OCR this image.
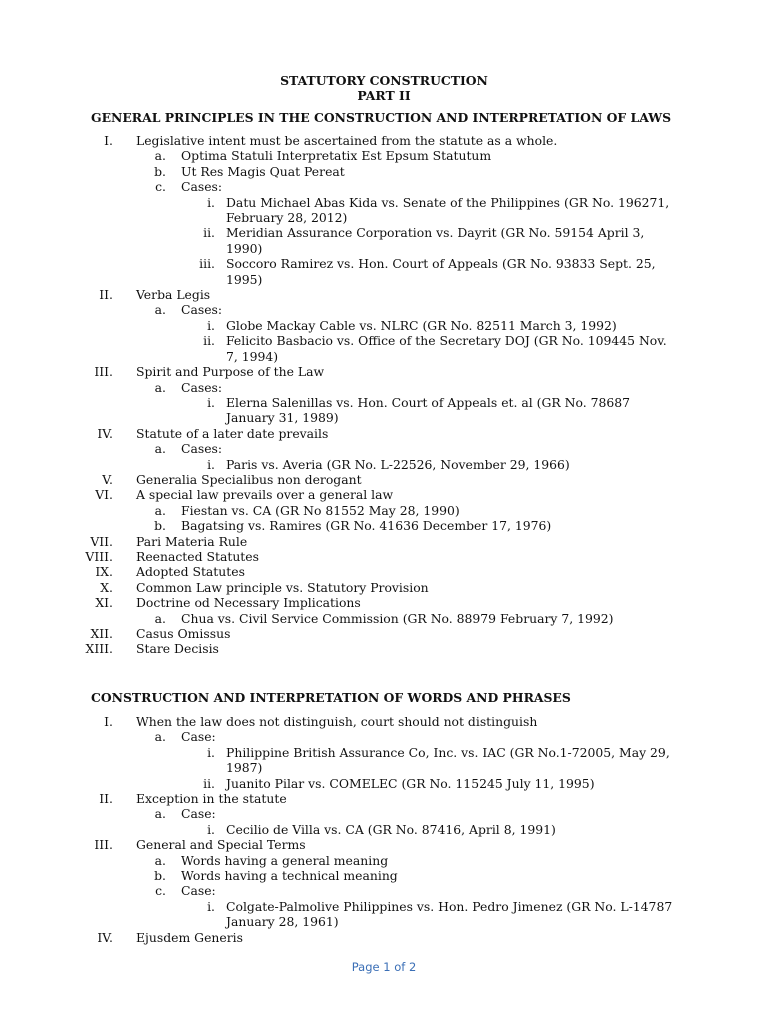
STATUTORY CONSTRUCTION
PART II
GENERAL PRINCIPLES IN THE CONSTRUCTION AND INTERPRETATION OF LAWS
I. Legislative intent must be ascertained from the statute as a whole.
a. Optima Statuli Interpretatix Est Epsum Statutum
b. Ut Res Magis Quat Pereat
c. Cases:
i. Datu Michael Abas Kida vs. Senate of the Philippines (GR No. 196271, February 28, 2012)
ii. Meridian Assurance Corporation vs. Dayrit (GR No. 59154 April 3, 1990)
iii. Soccoro Ramirez vs. Hon. Court of Appeals (GR No. 93833 Sept. 25, 1995)
II. Verba Legis
a. Cases:
i. Globe Mackay Cable vs. NLRC (GR No. 82511 March 3, 1992)
ii. Felicito Basbacio vs. Office of the Secretary DOJ (GR No. 109445 Nov. 7, 1994)
III. Spirit and Purpose of the Law
a. Cases:
i. Elerna Salenillas vs. Hon. Court of Appeals et. al (GR No. 78687 January 31, 1989)
IV. Statute of a later date prevails
a. Cases:
i. Paris vs. Averia (GR No. L-22526, November 29, 1966)
V. Generalia Specialibus non derogant
VI. A special law prevails over a general law
a. Fiestan vs. CA (GR No 81552 May 28, 1990)
b. Bagatsing vs. Ramires (GR No. 41636 December 17, 1976)
VII. Pari Materia Rule
VIII. Reenacted Statutes
IX. Adopted Statutes
X. Common Law principle vs. Statutory Provision
XI. Doctrine od Necessary Implications
a. Chua vs. Civil Service Commission (GR No. 88979 February 7, 1992)
XII. Casus Omissus
XIII. Stare Decisis
CONSTRUCTION AND INTERPRETATION OF WORDS AND PHRASES
I. When the law does not distinguish, court should not distinguish
a. Case:
i. Philippine British Assurance Co, Inc. vs. IAC (GR No.1-72005, May 29, 1987)
ii. Juanito Pilar vs. COMELEC (GR No. 115245 July 11, 1995)
II. Exception in the statute
a. Case:
i. Cecilio de Villa vs. CA (GR No. 87416, April 8, 1991)
III. General and Special Terms
a. Words having a general meaning
b. Words having a technical meaning
c. Case:
i. Colgate-Palmolive Philippines vs. Hon. Pedro Jimenez (GR No. L-14787 January 28, 1961)
IV. Ejusdem Generis
Page 1 of 2
